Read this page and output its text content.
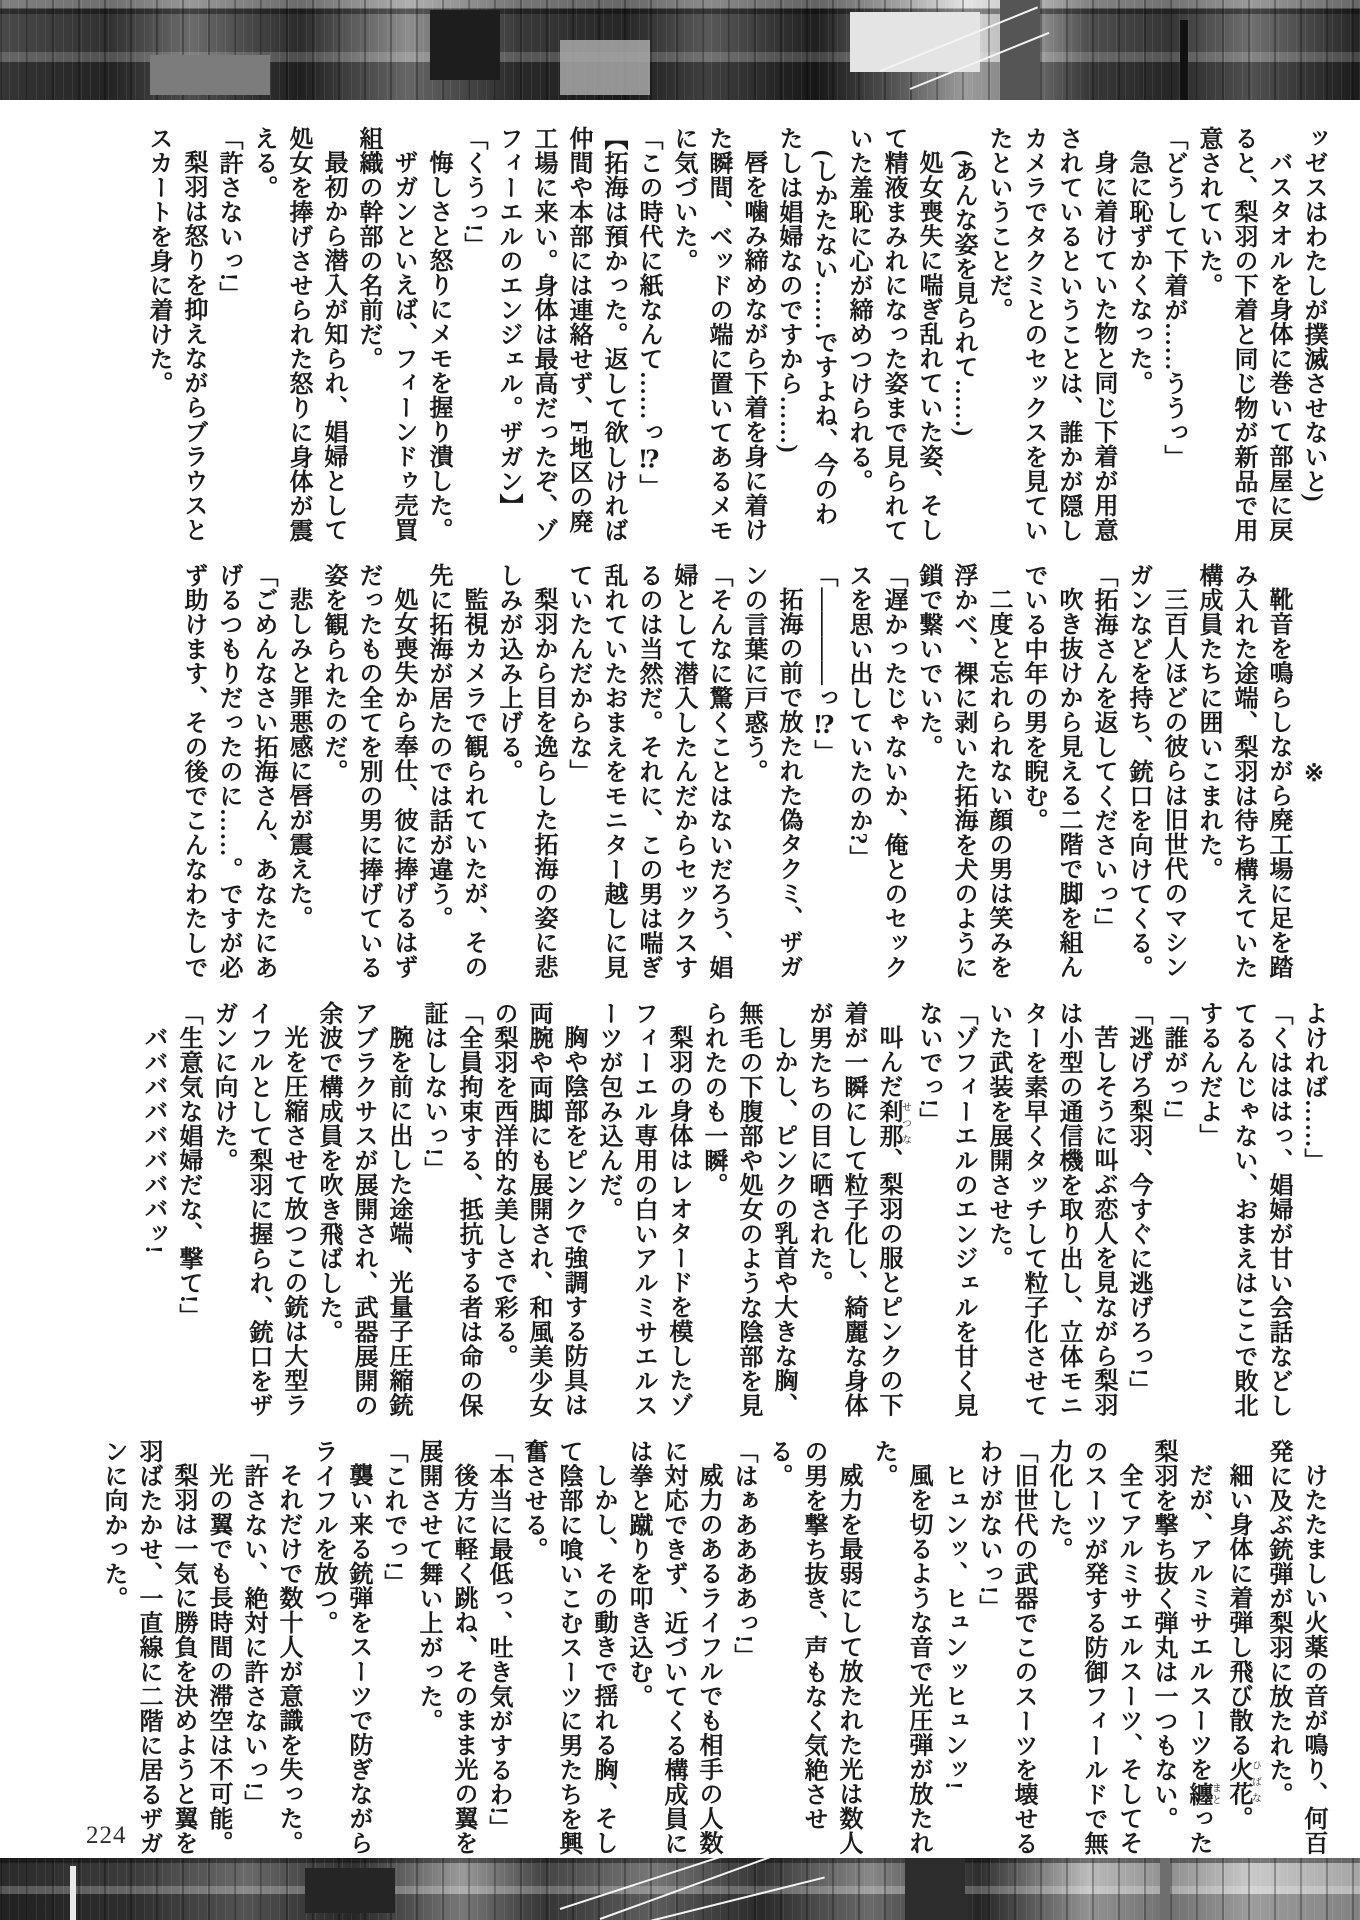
ッゼスはわたしが撲滅させないと)

バスタオルを身体に巻いて部屋に戻ると、梨羽の下着と同じ物が新品で用意されていた。

「どうして下着が……ううっ」

急に恥ずかくなった。

身に着けていた物と同じ下着が用意されているということは、誰かが隠しカメラでタクミとのセックスを見ていたということだ。

(あんな姿を見られて……)

処女喪失に喘ぎ乱れていた姿、そして精液まみれになった姿まで見られていた羞恥に心が締めつけられる。

(しかたない……ですよね、今のわたしは娼婦なのですから……)

唇を噛み締めながら下着を身に着けた瞬間、ベッドの端に置いてあるメモに気づいた。

「この時代に紙なんて……っ⁉」

【拓海は預かった。返して欲しければ仲間や本部には連絡せず、F地区の廃工場に来い。身体は最高だったぞ、ゾフィーエルのエンジェル。ザガン】

「くうっ!」

悔しさと怒りにメモを握り潰した。

ザガンといえば、フィーンドゥ売買組織の幹部の名前だ。

最初から潜入が知られ、娼婦として処女を捧げさせられた怒りに身体が震える。

「許さないっ!」

梨羽は怒りを抑えながらブラウスとスカートを身に着けた。

※

靴音を鳴らしながら廃工場に足を踏み入れた途端、梨羽は待ち構えていた構成員たちに囲いこまれた。

三百人ほどの彼らは旧世代のマシンガンなどを持ち、銃口を向けてくる。

「拓海さんを返してくださいっ!」

吹き抜けから見える二階で脚を組んでいる中年の男を睨む。

二度と忘れられない顔の男は笑みを浮かべ、裸に剥いた拓海を犬のように鎖で繋いでいた。

「遅かったじゃないか、俺とのセックスを思い出していたのか?」

「――――っ⁉」

拓海の前で放たれた偽タクミ、ザガンの言葉に戸惑う。

「そんなに驚くことはないだろう、娼婦として潜入したんだからセックスするのは当然だ。それに、この男は喘ぎ乱れていたおまえをモニター越しに見ていたんだからな」

梨羽から目を逸らした拓海の姿に悲しみが込み上げる。

監視カメラで観られていたが、その先に拓海が居たのでは話が違う。

処女喪失から奉仕、彼に捧げるはずだったもの全てを別の男に捧げている姿を観られたのだ。

悲しみと罪悪感に唇が震えた。

「ごめんなさい拓海さん、あなたにあげるつもりだったのに……。ですが必ず助けます、その後でこんなわたしで

よければ……」

「くはははっ、娼婦が甘い会話などしてるんじゃない、おまえはここで敗北するんだよ」

「誰がっ!」

「逃げろ梨羽、今すぐに逃げろっ!」

苦しそうに叫ぶ恋人を見ながら梨羽は小型の通信機を取り出し、立体モニターを素早くタッチして粒子化させていた武装を展開させた。

「ゾフィーエルのエンジェルを甘く見ないでっ!」

叫んだ刹那せつな、梨羽の服とピンクの下着が一瞬にして粒子化し、綺麗な身体が男たちの目に晒された。

しかし、ピンクの乳首や大きな胸、無毛の下腹部や処女のような陰部を見られたのも一瞬。

梨羽の身体はレオタードを模したゾフィーエル専用の白いアルミサエルスーツが包み込んだ。

胸や陰部をピンクで強調する防具は両腕や両脚にも展開され、和風美少女の梨羽を西洋的な美しさで彩る。

「全員拘束する、抵抗する者は命の保証はしないっ!」

腕を前に出した途端、光量子圧縮銃アブラクサスが展開され、武器展開の余波で構成員を吹き飛ばした。

光を圧縮させて放つこの銃は大型ライフルとして梨羽に握られ、銃口をザガンに向けた。

「生意気な娼婦だな、撃て!」

ババババババババッ!

けたたましい火薬の音が鳴り、何百発に及ぶ銃弾が梨羽に放たれた。

細い身体に着弾し飛び散る火花ひばな。

だが、アルミサエルスーツを纏まとった梨羽を撃ち抜く弾丸は一つもない。

全てアルミサエルスーツ、そしてそのスーツが発する防御フィールドで無力化した。

「旧世代の武器でこのスーツを壊せるわけがないっ!」

ヒュンッ、ヒュンッヒュンッ!

風を切るような音で光圧弾が放たれた。

威力を最弱にして放たれた光は数人の男を撃ち抜き、声もなく気絶させる。

「はぁああああっ!」

威力のあるライフルでも相手の人数に対応できず、近づいてくる構成員には拳と蹴りを叩き込む。

しかし、その動きで揺れる胸、そして陰部に喰いこむスーツに男たちを興奮させる。

「本当に最低っ、吐き気がするわ!」

後方に軽く跳ね、そのまま光の翼を展開させて舞い上がった。

「これでっ!」

襲い来る銃弾をスーツで防ぎながらライフルを放つ。

それだけで数十人が意識を失った。

「許さない、絶対に許さないっ!」

光の翼でも長時間の滞空は不可能。

梨羽は一気に勝負を決めようと翼を羽ばたかせ、一直線に二階に居るザガンに向かった。

224
